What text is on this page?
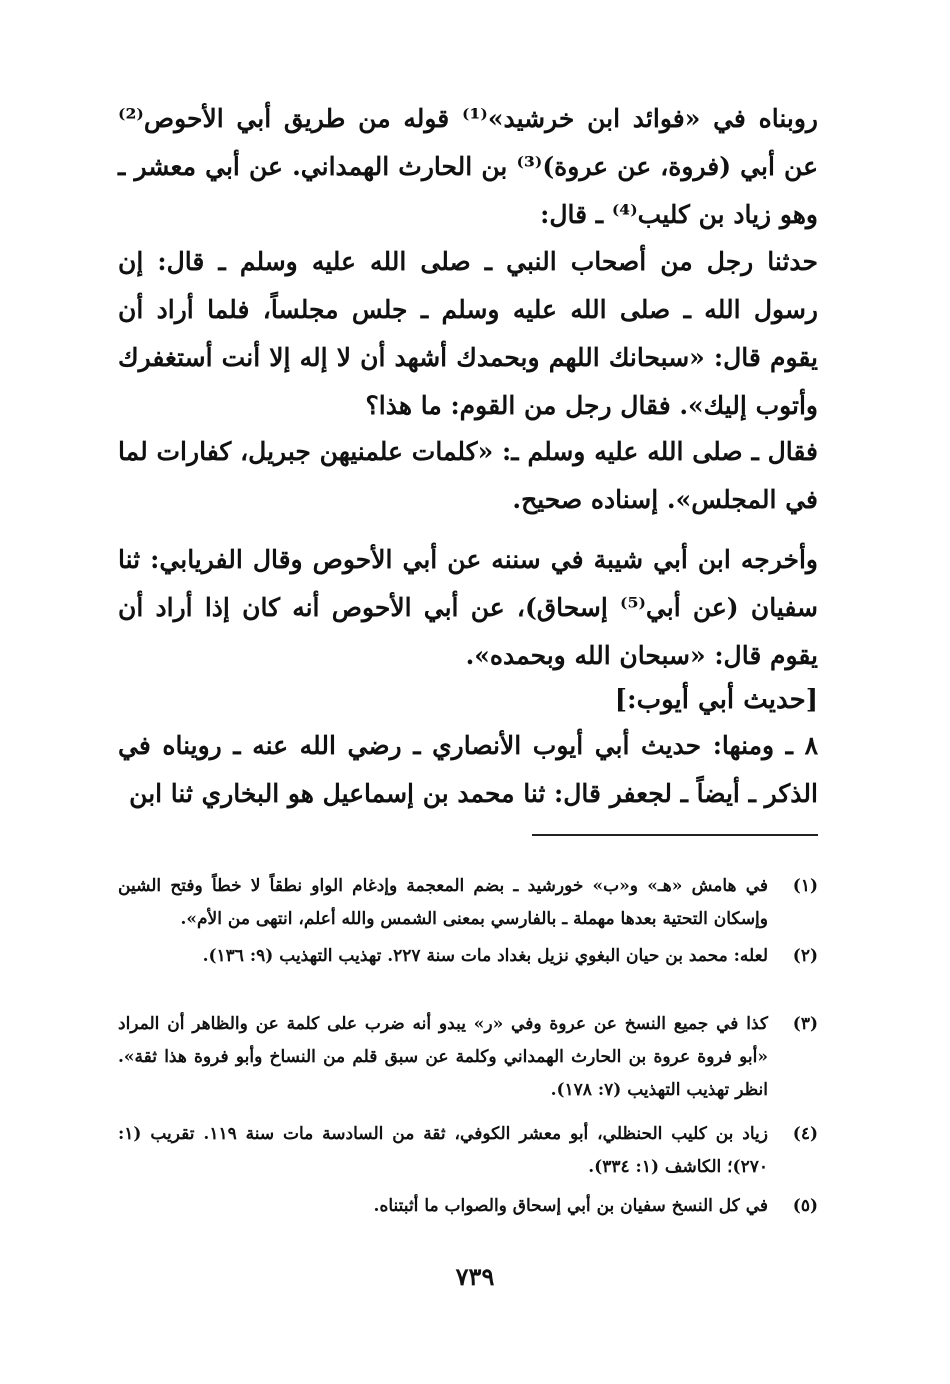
روبناه في «فوائد ابن خرشيد»⁽¹⁾ قوله من طريق أبي الأحوص⁽²⁾ عن أبي (فروة، عن عروة)⁽³⁾ بن الحارث الهمداني. عن أبي معشر ـ وهو زياد بن كليب⁽⁴⁾ ـ قال:

حدثنا رجل من أصحاب النبي ـ صلى الله عليه وسلم ـ قال: إن رسول الله ـ صلى الله عليه وسلم ـ جلس مجلساً، فلما أراد أن يقوم قال: «سبحانك اللهم وبحمدك أشهد أن لا إله إلا أنت أستغفرك وأتوب إليك». فقال رجل من القوم: ما هذا؟

فقال ـ صلى الله عليه وسلم ـ: «كلمات علمنيهن جبريل، كفارات لما في المجلس». إسناده صحيح.

وأخرجه ابن أبي شيبة في سننه عن أبي الأحوص وقال الفريابي: ثنا سفيان (عن أبي⁽⁵⁾ إسحاق)، عن أبي الأحوص أنه كان إذا أراد أن يقوم قال: «سبحان الله وبحمده».

[حديث أبي أيوب:]

٨ ـ ومنها: حديث أبي أيوب الأنصاري ـ رضي الله عنه ـ رويناه في الذكر ـ أيضاً ـ لجعفر قال: ثنا محمد بن إسماعيل هو البخاري ثنا ابن

(١)
في هامش «هـ» و«ب» خورشيد ـ بضم المعجمة وإدغام الواو نطقاً لا خطاً وفتح الشين وإسكان التحتية بعدها مهملة ـ بالفارسي بمعنى الشمس والله أعلم، انتهى من الأم».
(٢)
لعله: محمد بن حيان البغوي نزيل بغداد مات سنة ٢٢٧. تهذيب التهذيب (٩: ١٣٦).
(٣)
كذا في جميع النسخ عن عروة وفي «ر» يبدو أنه ضرب على كلمة عن والظاهر أن المراد «أبو فروة عروة بن الحارث الهمداني وكلمة عن سبق قلم من النساخ وأبو فروة هذا ثقة». انظر تهذيب التهذيب (٧: ١٧٨).
(٤)
زياد بن كليب الحنظلي، أبو معشر الكوفي، ثقة من السادسة مات سنة ١١٩. تقريب (١: ٢٧٠)؛ الكاشف (١: ٣٣٤).
(٥)
في كل النسخ سفيان بن أبي إسحاق والصواب ما أثبتناه.
٧٣٩
